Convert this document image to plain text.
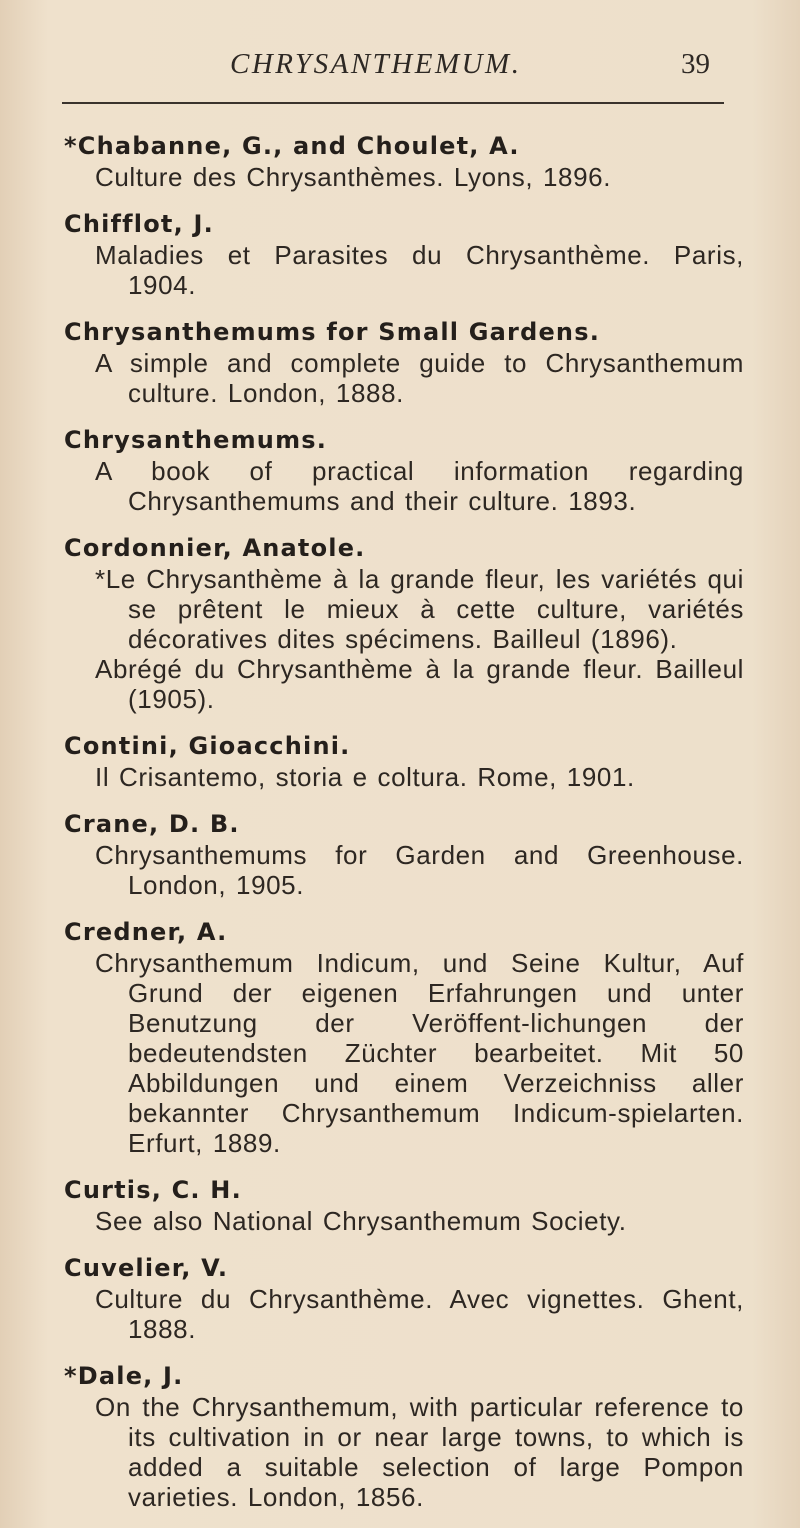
CHRYSANTHEMUM.	39
*Chabanne, G., and Choulet, A.
Culture des Chrysanthèmes. Lyons, 1896.
Chifflot, J.
Maladies et Parasites du Chrysanthème. Paris, 1904.
Chrysanthemums for Small Gardens.
A simple and complete guide to Chrysanthemum culture. London, 1888.
Chrysanthemums.
A book of practical information regarding Chrysanthemums and their culture. 1893.
Cordonnier, Anatole.
*Le Chrysanthème à la grande fleur, les variétés qui se prêtent le mieux à cette culture, variétés décoratives dites spécimens. Bailleul (1896).
Abrégé du Chrysanthème à la grande fleur. Bailleul (1905).
Contini, Gioacchini.
Il Crisantemo, storia e coltura. Rome, 1901.
Crane, D. B.
Chrysanthemums for Garden and Greenhouse. London, 1905.
Credner, A.
Chrysanthemum Indicum, und Seine Kultur, Auf Grund der eigenen Erfahrungen und unter Benutzung der Veröffent-lichungen der bedeutendsten Züchter bearbeitet. Mit 50 Abbildungen und einem Verzeichniss aller bekannter Chrysanthemum Indicum-spielarten. Erfurt, 1889.
Curtis, C. H.
See also National Chrysanthemum Society.
Cuvelier, V.
Culture du Chrysanthème. Avec vignettes. Ghent, 1888.
*Dale, J.
On the Chrysanthemum, with particular reference to its cultivation in or near large towns, to which is added a suitable selection of large Pompon varieties. London, 1856.
